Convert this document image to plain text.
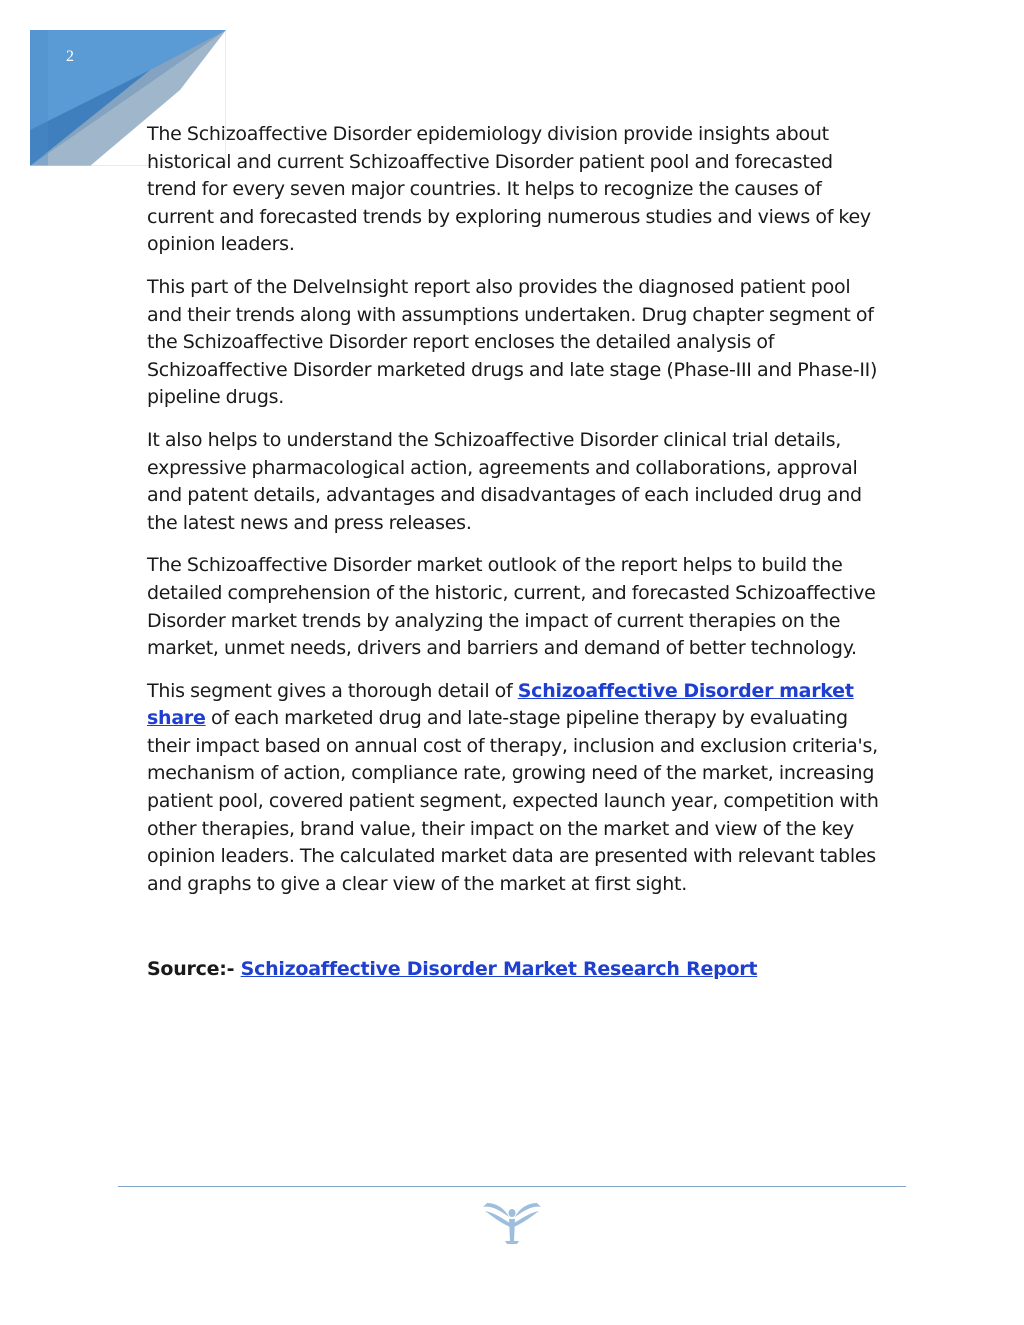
2

The Schizoaffective Disorder epidemiology division provide insights about historical and current Schizoaffective Disorder patient pool and forecasted trend for every seven major countries. It helps to recognize the causes of current and forecasted trends by exploring numerous studies and views of key opinion leaders.

This part of the DelveInsight report also provides the diagnosed patient pool and their trends along with assumptions undertaken. Drug chapter segment of the Schizoaffective Disorder report encloses the detailed analysis of Schizoaffective Disorder marketed drugs and late stage (Phase-III and Phase-II) pipeline drugs.

It also helps to understand the Schizoaffective Disorder clinical trial details, expressive pharmacological action, agreements and collaborations, approval and patent details, advantages and disadvantages of each included drug and the latest news and press releases.

The Schizoaffective Disorder market outlook of the report helps to build the detailed comprehension of the historic, current, and forecasted Schizoaffective Disorder market trends by analyzing the impact of current therapies on the market, unmet needs, drivers and barriers and demand of better technology.

This segment gives a thorough detail of Schizoaffective Disorder market share of each marketed drug and late-stage pipeline therapy by evaluating their impact based on annual cost of therapy, inclusion and exclusion criteria's, mechanism of action, compliance rate, growing need of the market, increasing patient pool, covered patient segment, expected launch year, competition with other therapies, brand value, their impact on the market and view of the key opinion leaders. The calculated market data are presented with relevant tables and graphs to give a clear view of the market at first sight.

Source:- Schizoaffective Disorder Market Research Report
